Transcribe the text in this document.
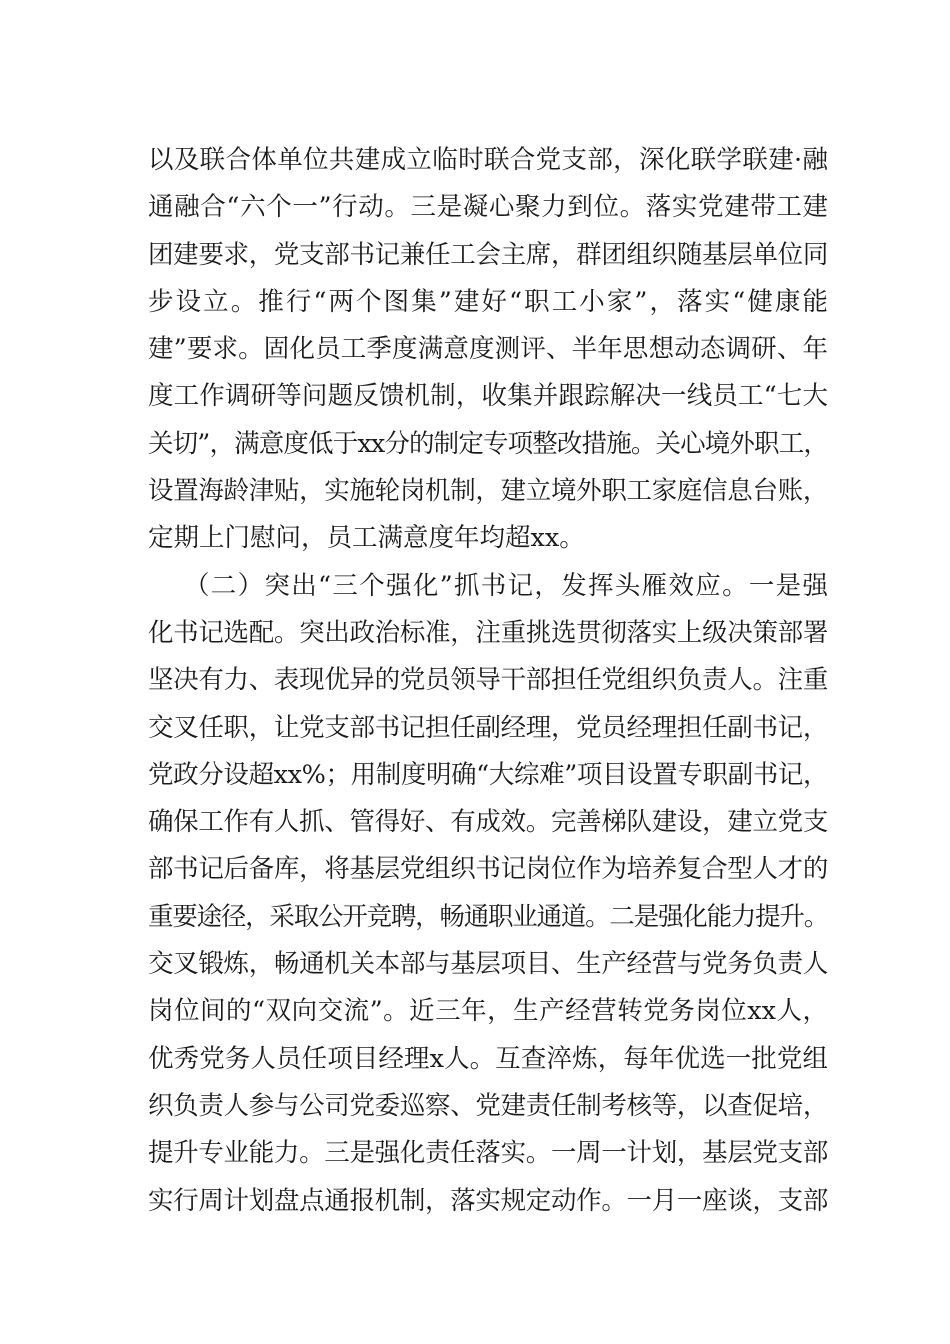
以及联合体单位共建成立临时联合党支部，深化联学联建·融
通融合“六个一”行动。三是凝心聚力到位。落实党建带工建
团建要求，党支部书记兼任工会主席，群团组织随基层单位同
步设立。推行“两个图集”建好“职工小家”，落实“健康能
建”要求。固化员工季度满意度测评、半年思想动态调研、年
度工作调研等问题反馈机制，收集并跟踪解决一线员工“七大
关切”，满意度低于xx分的制定专项整改措施。关心境外职工，
设置海龄津贴，实施轮岗机制，建立境外职工家庭信息台账，
定期上门慰问，员工满意度年均超xx。
（二）突出“三个强化”抓书记，发挥头雁效应。一是强
化书记选配。突出政治标准，注重挑选贯彻落实上级决策部署
坚决有力、表现优异的党员领导干部担任党组织负责人。注重
交叉任职，让党支部书记担任副经理，党员经理担任副书记，
党政分设超xx%；用制度明确“大综难”项目设置专职副书记，
确保工作有人抓、管得好、有成效。完善梯队建设，建立党支
部书记后备库，将基层党组织书记岗位作为培养复合型人才的
重要途径，采取公开竞聘，畅通职业通道。二是强化能力提升。
交叉锻炼，畅通机关本部与基层项目、生产经营与党务负责人
岗位间的“双向交流”。近三年，生产经营转党务岗位xx人，
优秀党务人员任项目经理x人。互查淬炼，每年优选一批党组
织负责人参与公司党委巡察、党建责任制考核等，以查促培，
提升专业能力。三是强化责任落实。一周一计划，基层党支部
实行周计划盘点通报机制，落实规定动作。一月一座谈，支部
